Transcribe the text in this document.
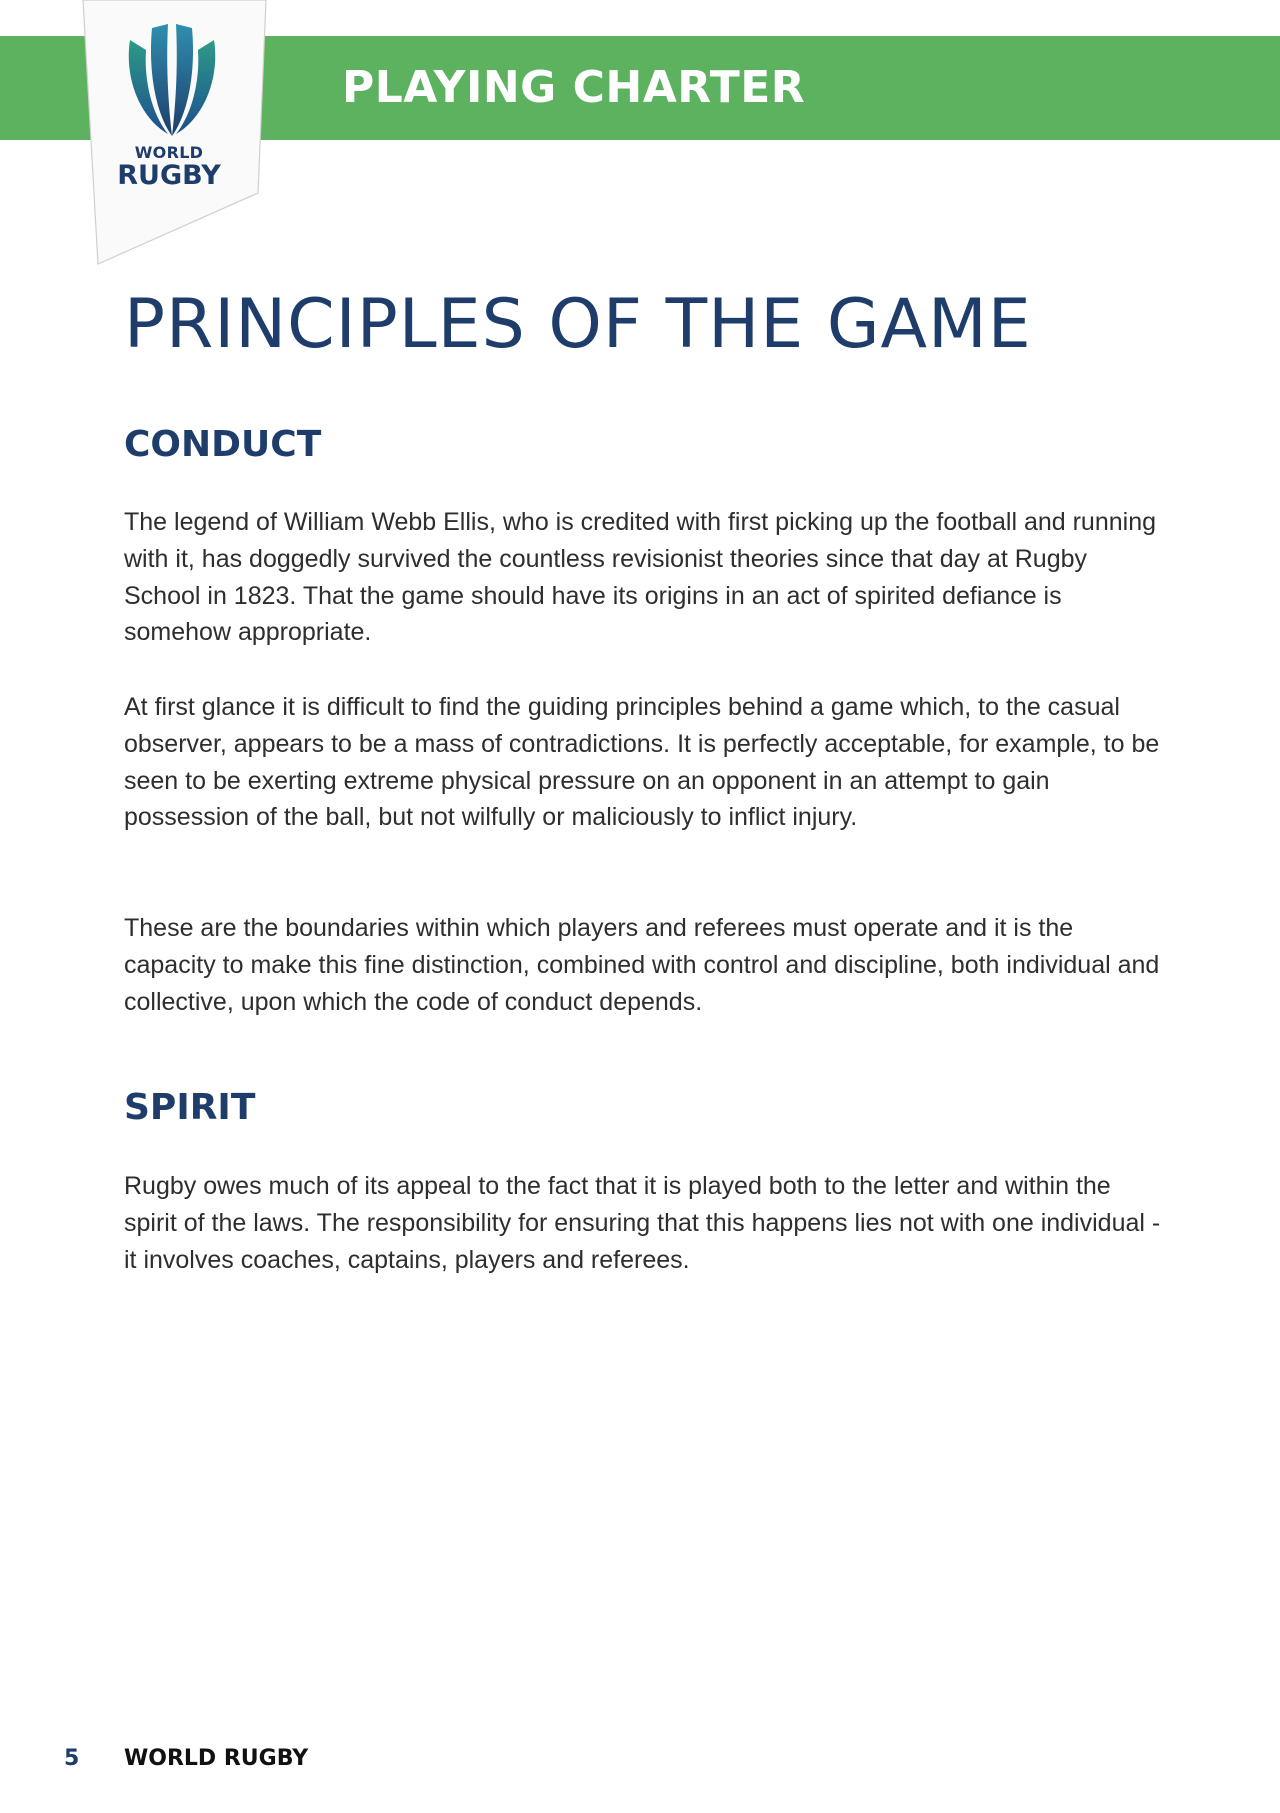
PLAYING CHARTER
WORLD
RUGBY
PRINCIPLES OF THE GAME
CONDUCT

The legend of William Webb Ellis, who is credited with first picking up the football and running with it, has doggedly survived the countless revisionist theories since that day at Rugby School in 1823. That the game should have its origins in an act of spirited defiance is somehow appropriate.

At first glance it is difficult to find the guiding principles behind a game which, to the casual observer, appears to be a mass of contradictions. It is perfectly acceptable, for example, to be seen to be exerting extreme physical pressure on an opponent in an attempt to gain possession of the ball, but not wilfully or maliciously to inflict injury.

These are the boundaries within which players and referees must operate and it is the capacity to make this fine distinction, combined with control and discipline, both individual and collective, upon which the code of conduct depends.

SPIRIT

Rugby owes much of its appeal to the fact that it is played both to the letter and within the spirit of the laws. The responsibility for ensuring that this happens lies not with one individual - it involves coaches, captains, players and referees.

5 WORLD RUGBY
